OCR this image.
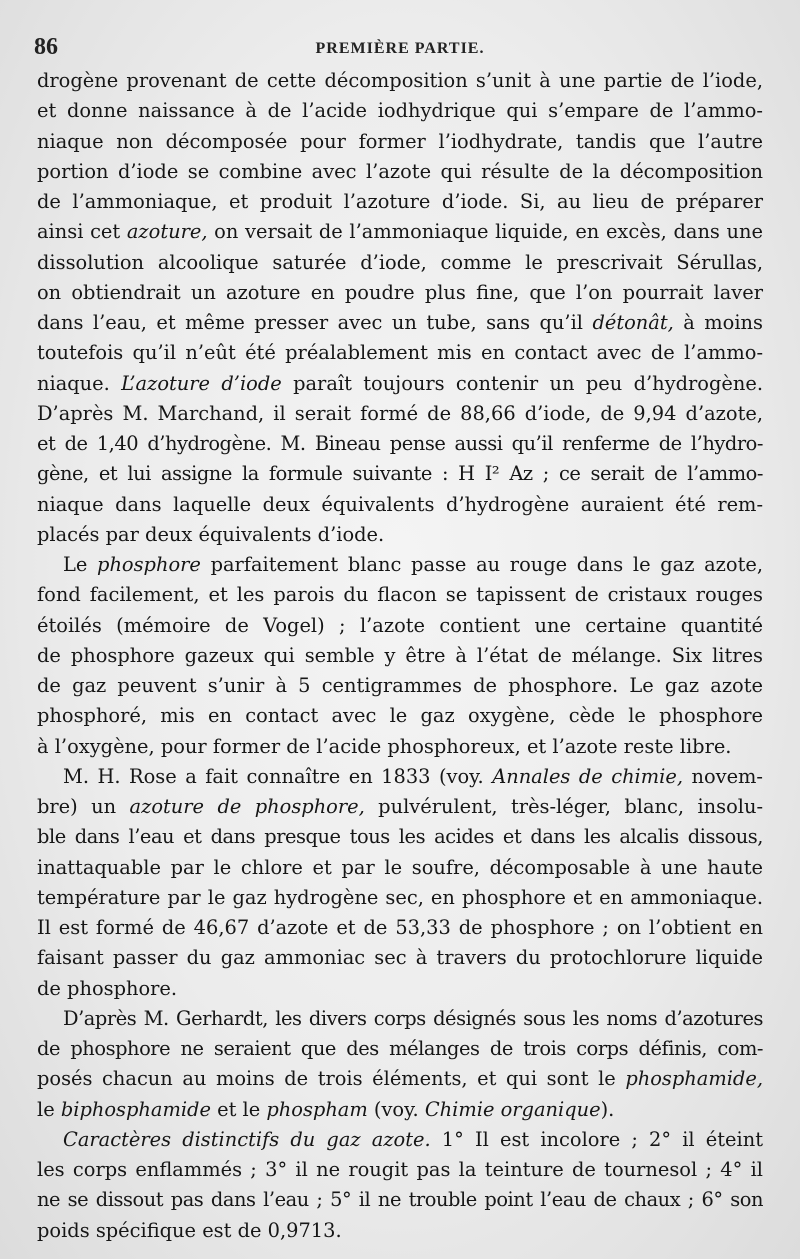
86	PREMIÈRE PARTIE.
drogène provenant de cette décomposition s’unit à une partie de l’iode,
et donne naissance à de l’acide iodhydrique qui s’empare de l’ammo-
niaque non décomposée pour former l’iodhydrate, tandis que l’autre
portion d’iode se combine avec l’azote qui résulte de la décomposition
de l’ammoniaque, et produit l’azoture d’iode. Si, au lieu de préparer
ainsi cet azoture, on versait de l’ammoniaque liquide, en excès, dans une
dissolution alcoolique saturée d’iode, comme le prescrivait Sérullas,
on obtiendrait un azoture en poudre plus fine, que l’on pourrait laver
dans l’eau, et même presser avec un tube, sans qu’il détonât, à moins
toutefois qu’il n’eût été préalablement mis en contact avec de l’ammo-
niaque. L’azoture d’iode paraît toujours contenir un peu d’hydrogène.
D’après M. Marchand, il serait formé de 88,66 d’iode, de 9,94 d’azote,
et de 1,40 d’hydrogène. M. Bineau pense aussi qu’il renferme de l’hydro-
gène, et lui assigne la formule suivante : H I² Az ; ce serait de l’ammo-
niaque dans laquelle deux équivalents d’hydrogène auraient été rem-
placés par deux équivalents d’iode.
Le phosphore parfaitement blanc passe au rouge dans le gaz azote,
fond facilement, et les parois du flacon se tapissent de cristaux rouges
étoilés (mémoire de Vogel) ; l’azote contient une certaine quantité
de phosphore gazeux qui semble y être à l’état de mélange. Six litres
de gaz peuvent s’unir à 5 centigrammes de phosphore. Le gaz azote
phosphoré, mis en contact avec le gaz oxygène, cède le phosphore
à l’oxygène, pour former de l’acide phosphoreux, et l’azote reste libre.
M. H. Rose a fait connaître en 1833 (voy. Annales de chimie, novem-
bre) un azoture de phosphore, pulvérulent, très-léger, blanc, insolu-
ble dans l’eau et dans presque tous les acides et dans les alcalis dissous,
inattaquable par le chlore et par le soufre, décomposable à une haute
température par le gaz hydrogène sec, en phosphore et en ammoniaque.
Il est formé de 46,67 d’azote et de 53,33 de phosphore ; on l’obtient en
faisant passer du gaz ammoniac sec à travers du protochlorure liquide
de phosphore.
D’après M. Gerhardt, les divers corps désignés sous les noms d’azotures
de phosphore ne seraient que des mélanges de trois corps définis, com-
posés chacun au moins de trois éléments, et qui sont le phosphamide,
le biphosphamide et le phospham (voy. Chimie organique).
Caractères distinctifs du gaz azote. 1° Il est incolore ; 2° il éteint
les corps enflammés ; 3° il ne rougit pas la teinture de tournesol ; 4° il
ne se dissout pas dans l’eau ; 5° il ne trouble point l’eau de chaux ; 6° son
poids spécifique est de 0,9713.
